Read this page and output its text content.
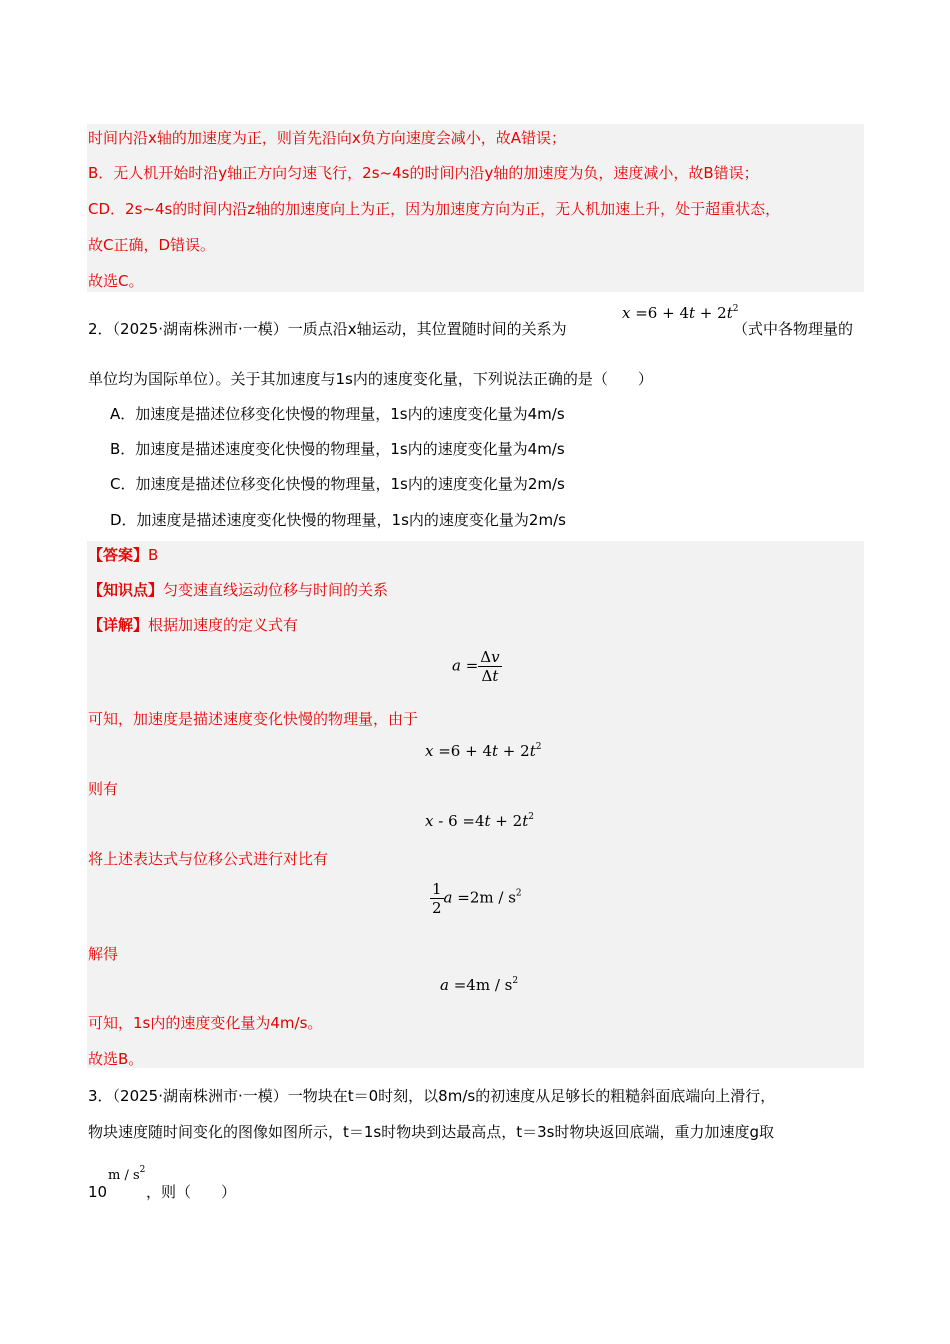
时间内沿x轴的加速度为正，则首先沿向x负方向速度会减小，故A错误；
B．无人机开始时沿y轴正方向匀速飞行，2s~4s的时间内沿y轴的加速度为负，速度减小，故B错误；
CD．2s~4s的时间内沿z轴的加速度向上为正，因为加速度方向为正，无人机加速上升，处于超重状态，
故C正确，D错误。
故选C。
2．（2025·湖南株洲市·一模）一质点沿x轴运动，其位置随时间的关系为
$x =6 + 4t + 2t^2$
（式中各物理量的
单位均为国际单位）。关于其加速度与1s内的速度变化量，下列说法正确的是（　　）
A．加速度是描述位移变化快慢的物理量，1s内的速度变化量为4m/s
B．加速度是描述速度变化快慢的物理量，1s内的速度变化量为4m/s
C．加速度是描述位移变化快慢的物理量，1s内的速度变化量为2m/s
D．加速度是描述速度变化快慢的物理量，1s内的速度变化量为2m/s
【答案】B
【知识点】匀变速直线运动位移与时间的关系
【详解】根据加速度的定义式有
$a = \frac{\Delta v}{\Delta t}$
可知，加速度是描述速度变化快慢的物理量，由于
$x =6 + 4t + 2t^2$
则有
$x - 6 =4t + 2t^2$
将上述表达式与位移公式进行对比有
$\frac{1}{2}$ $a =2m / s^2$
解得
$a =4m / s^2$
可知，1s内的速度变化量为4m/s。
故选B。
3．（2025·湖南株洲市·一模）一物块在t＝0时刻，以8m/s的初速度从足够长的粗糙斜面底端向上滑行，
物块速度随时间变化的图像如图所示，t＝1s时物块到达最高点，t＝3s时物块返回底端，重力加速度g取
10
m / $s^2$
，则（　　）
